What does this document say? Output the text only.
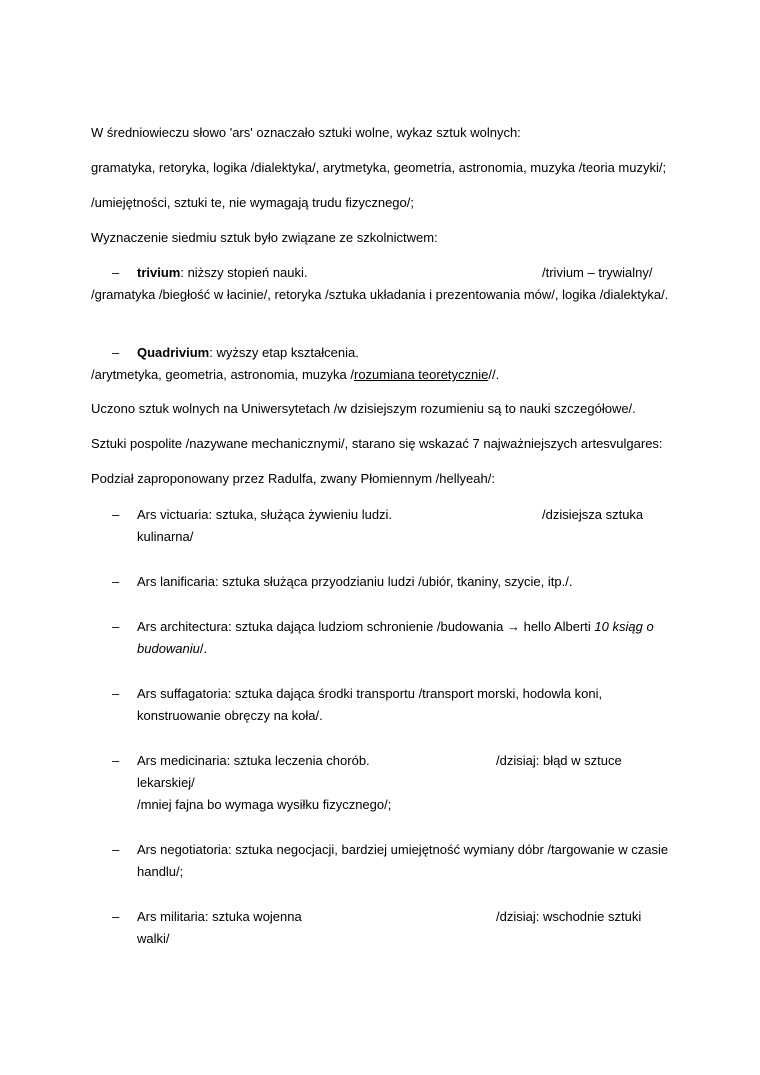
W średniowieczu słowo 'ars' oznaczało sztuki wolne, wykaz sztuk wolnych:
gramatyka, retoryka, logika /dialektyka/, arytmetyka, geometria, astronomia, muzyka /teoria muzyki/;
/umiejętności, sztuki te, nie wymagają trudu fizycznego/;
Wyznaczenie siedmiu sztuk było związane ze szkolnictwem:
– trivium: niższy stopień nauki.	/trivium – trywialny/
/gramatyka /biegłość w łacinie/, retoryka /sztuka układania i prezentowania mów/, logika /dialektyka/.
– Quadrivium: wyższy etap kształcenia.
/arytmetyka, geometria, astronomia, muzyka /rozumiana teoretycznie//.
Uczono sztuk wolnych na Uniwersytetach /w dzisiejszym rozumieniu są to nauki szczegółowe/.
Sztuki pospolite /nazywane mechanicznymi/, starano się wskazać 7 najważniejszych artesvulgares:
Podział zaproponowany przez Radulfa, zwany Płomiennym /hellyeah/:
– Ars victuaria: sztuka, służąca żywieniu ludzi.	/dzisiejsza sztuka
kulinarna/
– Ars lanificaria: sztuka służąca przyodzianiu ludzi /ubiór, tkaniny, szycie, itp./.
– Ars architectura: sztuka dająca ludziom schronienie /budowania → hello Alberti 10 ksiąg o
budowaniu/.
– Ars suffagatoria: sztuka dająca środki transportu /transport morski, hodowla koni,
konstruowanie obręczy na koła/.
– Ars medicinaria: sztuka leczenia chorób.	/dzisiaj: błąd w sztuce
lekarskiej/
/mniej fajna bo wymaga wysiłku fizycznego/;
– Ars negotiatoria: sztuka negocjacji, bardziej umiejętność wymiany dóbr /targowanie w czasie
handlu/;
– Ars militaria: sztuka wojenna	/dzisiaj: wschodnie sztuki
walki/
